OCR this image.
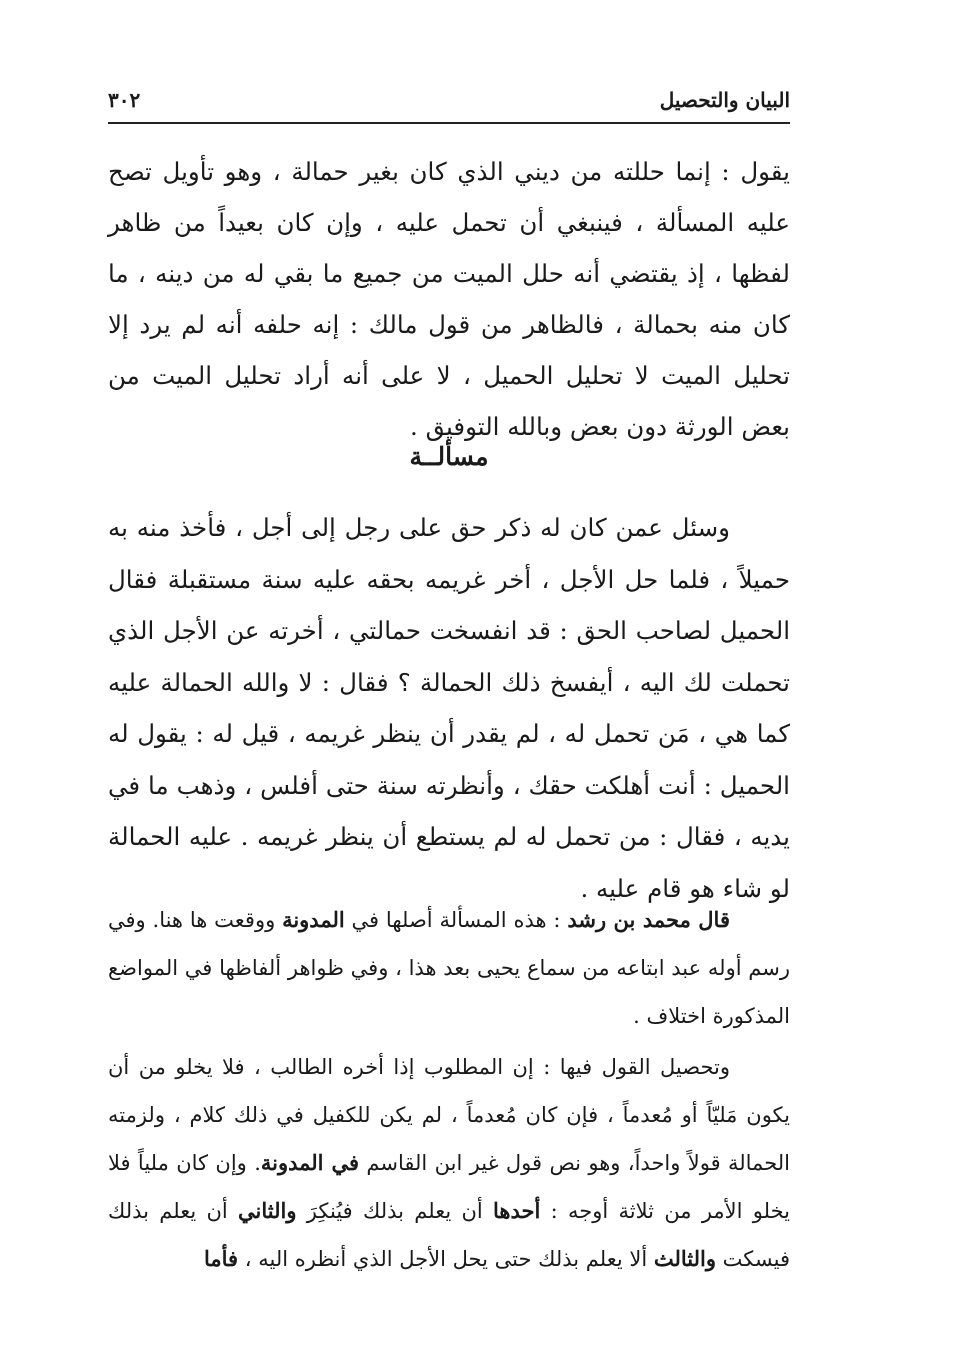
البيان والتحصيل
٣٠٢

يقول : إنما حللته من ديني الذي كان بغير حمالة ، وهو تأويل تصح عليه المسألة ، فينبغي أن تحمل عليه ، وإن كان بعيداً من ظاهر لفظها ، إذ يقتضي أنه حلل الميت من جميع ما بقي له من دينه ، ما كان منه بحمالة ، فالظاهر من قول مالك : إنه حلفه أنه لم يرد إلا تحليل الميت لا تحليل الحميل ، لا على أنه أراد تحليل الميت من بعض الورثة دون بعض وبالله التوفيق .

مسألــة

وسئل عمن كان له ذكر حق على رجل إلى أجل ، فأخذ منه به حميلاً ، فلما حل الأجل ، أخر غريمه بحقه عليه سنة مستقبلة فقال الحميل لصاحب الحق : قد انفسخت حمالتي ، أخرته عن الأجل الذي تحملت لك اليه ، أيفسخ ذلك الحمالة ؟ فقال : لا والله الحمالة عليه كما هي ، مَن تحمل له ، لم يقدر أن ينظر غريمه ، قيل له : يقول له الحميل : أنت أهلكت حقك ، وأنظرته سنة حتى أفلس ، وذهب ما في يديه ، فقال : من تحمل له لم يستطع أن ينظر غريمه . عليه الحمالة لو شاء هو قام عليه .

قال محمد بن رشد : هذه المسألة أصلها في المدونة ووقعت ها هنا. وفي رسم أوله عبد ابتاعه من سماع يحيى بعد هذا ، وفي ظواهر ألفاظها في المواضع المذكورة اختلاف .

وتحصيل القول فيها : إن المطلوب إذا أخره الطالب ، فلا يخلو من أن يكون مَليّاً أو مُعدماً ، فإن كان مُعدماً ، لم يكن للكفيل في ذلك كلام ، ولزمته الحمالة قولاً واحداً، وهو نص قول غير ابن القاسم في المدونة. وإن كان ملياً فلا يخلو الأمر من ثلاثة أوجه : أحدها أن يعلم بذلك فيُنكِرَ والثاني أن يعلم بذلك فيسكت والثالث ألا يعلم بذلك حتى يحل الأجل الذي أنظره اليه ، فأما
